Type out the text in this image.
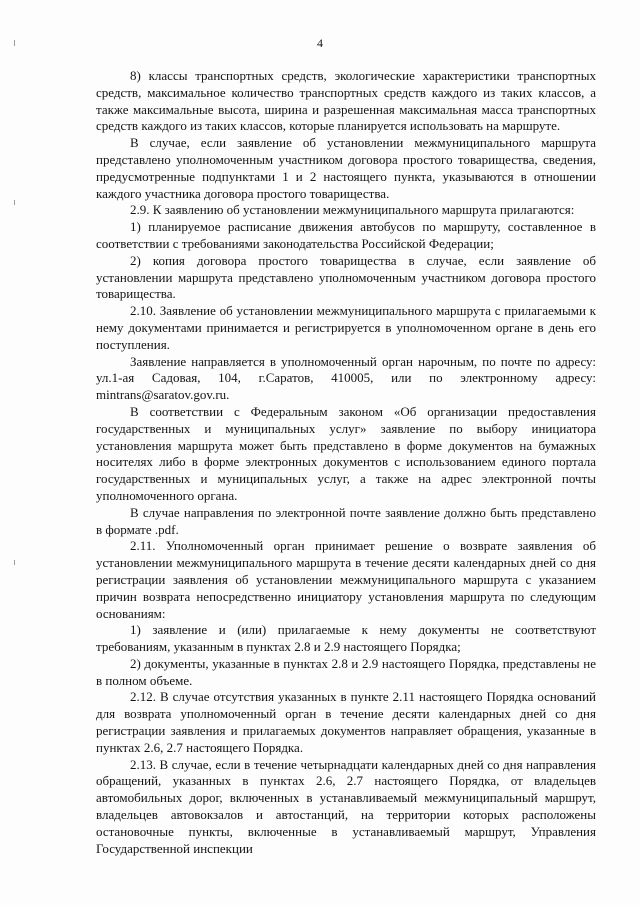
4

8) классы транспортных средств, экологические характеристики транспортных средств, максимальное количество транспортных средств каждого из таких классов, а также максимальные высота, ширина и разрешенная максимальная масса транспортных средств каждого из таких классов, которые планируется использовать на маршруте.

В случае, если заявление об установлении межмуниципального маршрута представлено уполномоченным участником договора простого товарищества, сведения, предусмотренные подпунктами 1 и 2 настоящего пункта, указываются в отношении каждого участника договора простого товарищества.

2.9. К заявлению об установлении межмуниципального маршрута прилагаются:

1) планируемое расписание движения автобусов по маршруту, составленное в соответствии с требованиями законодательства Российской Федерации;

2) копия договора простого товарищества в случае, если заявление об установлении маршрута представлено уполномоченным участником договора простого товарищества.

2.10. Заявление об установлении межмуниципального маршрута с прилагаемыми к нему документами принимается и регистрируется в уполномоченном органе в день его поступления.

Заявление направляется в уполномоченный орган нарочным, по почте по адресу: ул.1-ая Садовая, 104, г.Саратов, 410005, или по электронному адресу: mintrans@saratov.gov.ru.

В соответствии с Федеральным законом «Об организации предоставления государственных и муниципальных услуг» заявление по выбору инициатора установления маршрута может быть представлено в форме документов на бумажных носителях либо в форме электронных документов с использованием единого портала государственных и муниципальных услуг, а также на адрес электронной почты уполномоченного органа.

В случае направления по электронной почте заявление должно быть представлено в формате .pdf.

2.11. Уполномоченный орган принимает решение о возврате заявления об установлении межмуниципального маршрута в течение десяти календарных дней со дня регистрации заявления об установлении межмуниципального маршрута с указанием причин возврата непосредственно инициатору установления маршрута по следующим основаниям:

1) заявление и (или) прилагаемые к нему документы не соответствуют требованиям, указанным в пунктах 2.8 и 2.9 настоящего Порядка;

2) документы, указанные в пунктах 2.8 и 2.9 настоящего Порядка, представлены не в полном объеме.

2.12. В случае отсутствия указанных в пункте 2.11 настоящего Порядка оснований для возврата уполномоченный орган в течение десяти календарных дней со дня регистрации заявления и прилагаемых документов направляет обращения, указанные в пунктах 2.6, 2.7 настоящего Порядка.

2.13. В случае, если в течение четырнадцати календарных дней со дня направления обращений, указанных в пунктах 2.6, 2.7 настоящего Порядка, от владельцев автомобильных дорог, включенных в устанавливаемый межмуниципальный маршрут, владельцев автовокзалов и автостанций, на территории которых расположены остановочные пункты, включенные в устанавливаемый маршрут, Управления Государственной инспекции
